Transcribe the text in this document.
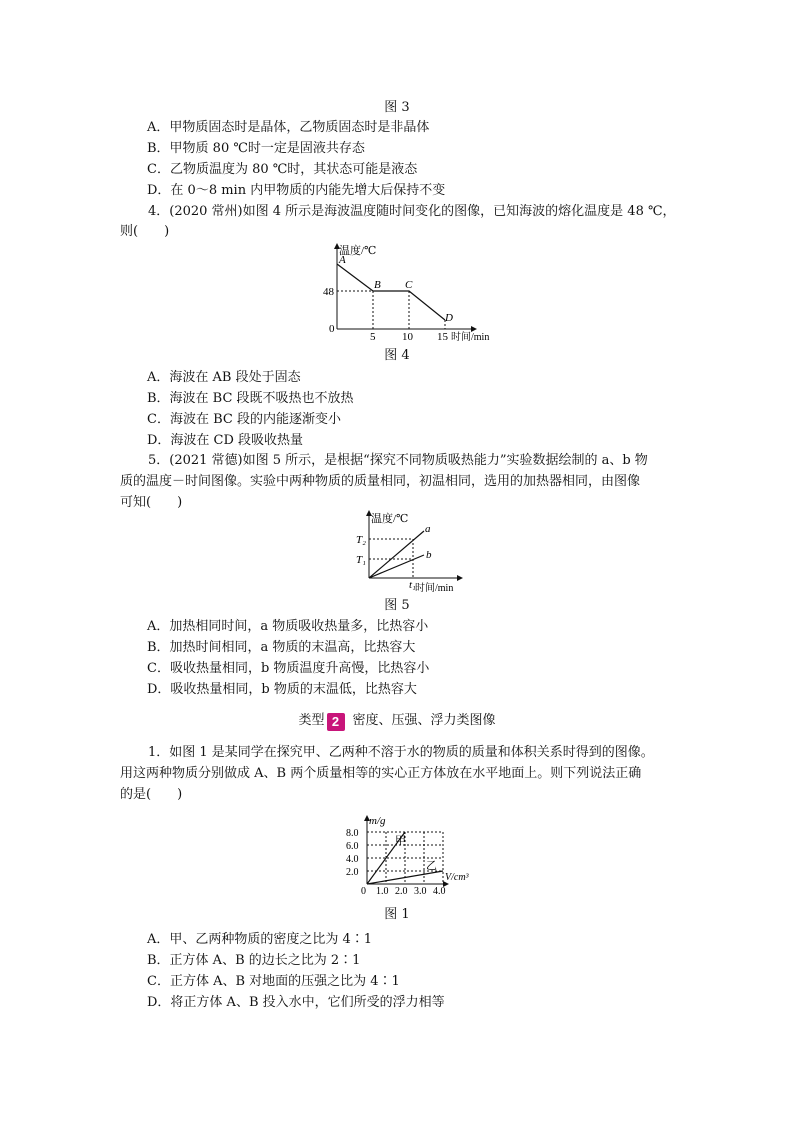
图 3
A．甲物质固态时是晶体，乙物质固态时是非晶体
B．甲物质 80 ℃时一定是固液共存态
C．乙物质温度为 80 ℃时，其状态可能是液态
D．在 0～8 min 内甲物质的内能先增大后保持不变
4．(2020 常州)如图 4 所示是海波温度随时间变化的图像，已知海波的熔化温度是 48 ℃，
则(　　)
温度/℃
时间/min
48
0
5 10 15
A
B C
D
图 4
A．海波在 AB 段处于固态
B．海波在 BC 段既不吸热也不放热
C．海波在 BC 段的内能逐渐变小
D．海波在 CD 段吸收热量
5．(2021 常德)如图 5 所示，是根据“探究不同物质吸热能力”实验数据绘制的 a、b 物
质的温度－时间图像。实验中两种物质的质量相同，初温相同，选用的加热器相同，由图像
可知(　　)
温度/℃
时间/min
T₂
T₁
t₁
a
b
图 5
A．加热相同时间，a 物质吸收热量多，比热容小
B．加热时间相同，a 物质的末温高，比热容大
C．吸收热量相同，b 物质温度升高慢，比热容小
D．吸收热量相同，b 物质的末温低，比热容大
类型 2 密度、压强、浮力类图像
1．如图 1 是某同学在探究甲、乙两种不溶于水的物质的质量和体积关系时得到的图像。
用这两种物质分别做成 A、B 两个质量相等的实心正方体放在水平地面上。则下列说法正确
的是(　　)
m/g
V/cm³
8.0
6.0
4.0
2.0
0 1.0 2.0 3.0 4.0
甲
乙
图 1
A．甲、乙两种物质的密度之比为 4∶1
B．正方体 A、B 的边长之比为 2∶1
C．正方体 A、B 对地面的压强之比为 4∶1
D．将正方体 A、B 投入水中，它们所受的浮力相等
